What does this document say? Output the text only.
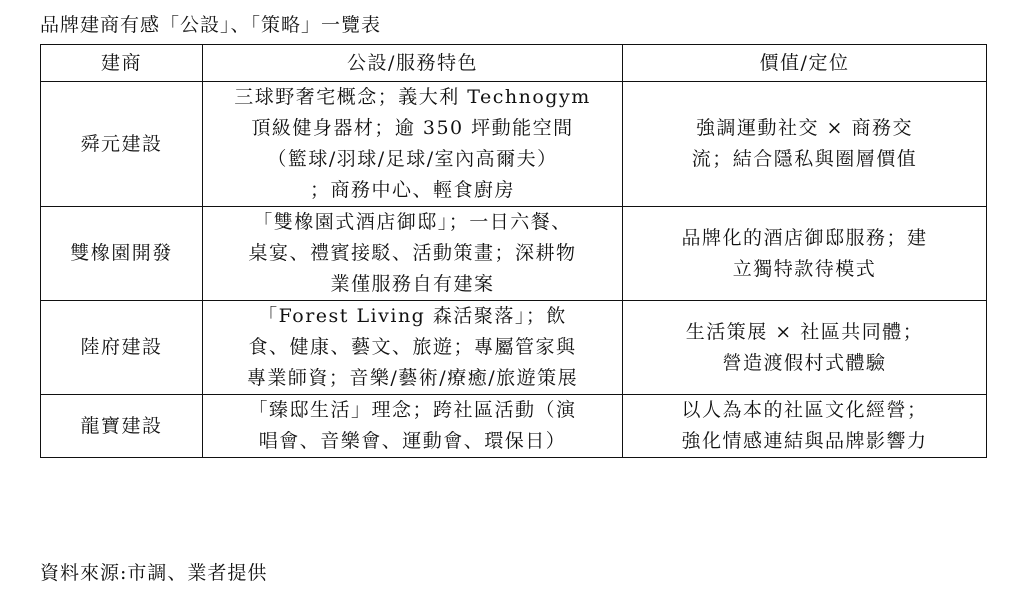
品牌建商有感「公設」、「策略」一覽表
建商	公設/服務特色	價值/定位
舜元建設	三球野奢宅概念；義大利 Technogym
頂級健身器材；逾 350 坪動能空間
（籃球/羽球/足球/室內高爾夫）
；商務中心、輕食廚房	強調運動社交 × 商務交
流；結合隱私與圈層價值

雙橡園開發	「雙橡園式酒店御邸」；一日六餐、
桌宴、禮賓接駁、活動策畫；深耕物
業僅服務自有建案	品牌化的酒店御邸服務；建
立獨特款待模式

陸府建設	「Forest Living 森活聚落」；飲
食、健康、藝文、旅遊；專屬管家與
專業師資；音樂/藝術/療癒/旅遊策展	生活策展 × 社區共同體；
營造渡假村式體驗

龍寶建設	「臻邸生活」理念；跨社區活動（演
唱會、音樂會、運動會、環保日）	以人為本的社區文化經營；
強化情感連結與品牌影響力
資料來源:市調、業者提供
